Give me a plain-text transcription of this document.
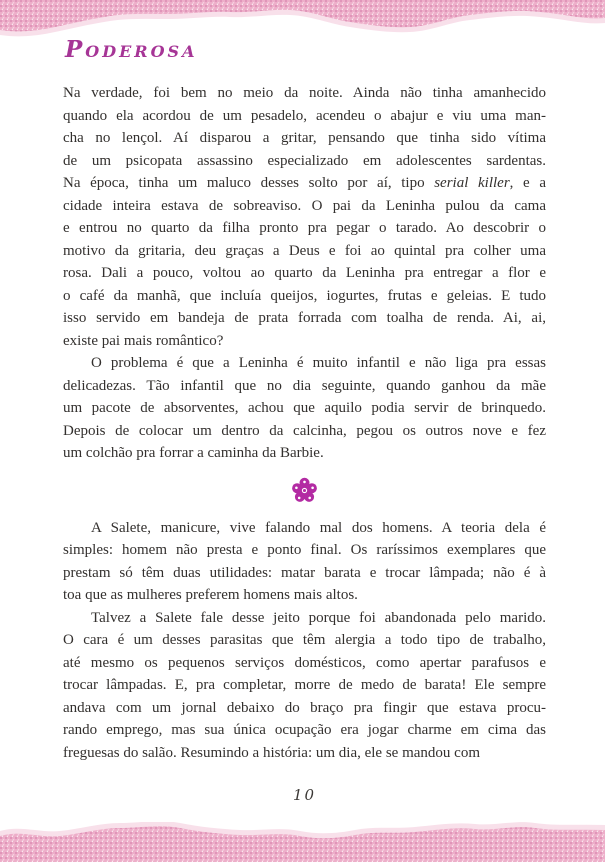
Poderosa
Na verdade, foi bem no meio da noite. Ainda não tinha amanhecido
quando ela acordou de um pesadelo, acendeu o abajur e viu uma man-
cha no lençol. Aí disparou a gritar, pensando que tinha sido vítima
de um psicopata assassino especializado em adolescentes sardentas.
Na época, tinha um maluco desses solto por aí, tipo serial killer, e a
cidade inteira estava de sobreaviso. O pai da Leninha pulou da cama
e entrou no quarto da filha pronto pra pegar o tarado. Ao descobrir o
motivo da gritaria, deu graças a Deus e foi ao quintal pra colher uma
rosa. Dali a pouco, voltou ao quarto da Leninha pra entregar a flor e
o café da manhã, que incluía queijos, iogurtes, frutas e geleias. E tudo
isso servido em bandeja de prata forrada com toalha de renda. Ai, ai,
existe pai mais romântico?
O problema é que a Leninha é muito infantil e não liga pra essas
delicadezas. Tão infantil que no dia seguinte, quando ganhou da mãe
um pacote de absorventes, achou que aquilo podia servir de brinquedo.
Depois de colocar um dentro da calcinha, pegou os outros nove e fez
um colchão pra forrar a caminha da Barbie.
A Salete, manicure, vive falando mal dos homens. A teoria dela é
simples: homem não presta e ponto final. Os raríssimos exemplares que
prestam só têm duas utilidades: matar barata e trocar lâmpada; não é à
toa que as mulheres preferem homens mais altos.
Talvez a Salete fale desse jeito porque foi abandonada pelo marido.
O cara é um desses parasitas que têm alergia a todo tipo de trabalho,
até mesmo os pequenos serviços domésticos, como apertar parafusos e
trocar lâmpadas. E, pra completar, morre de medo de barata! Ele sempre
andava com um jornal debaixo do braço pra fingir que estava procu-
rando emprego, mas sua única ocupação era jogar charme em cima das
freguesas do salão. Resumindo a história: um dia, ele se mandou com
10
